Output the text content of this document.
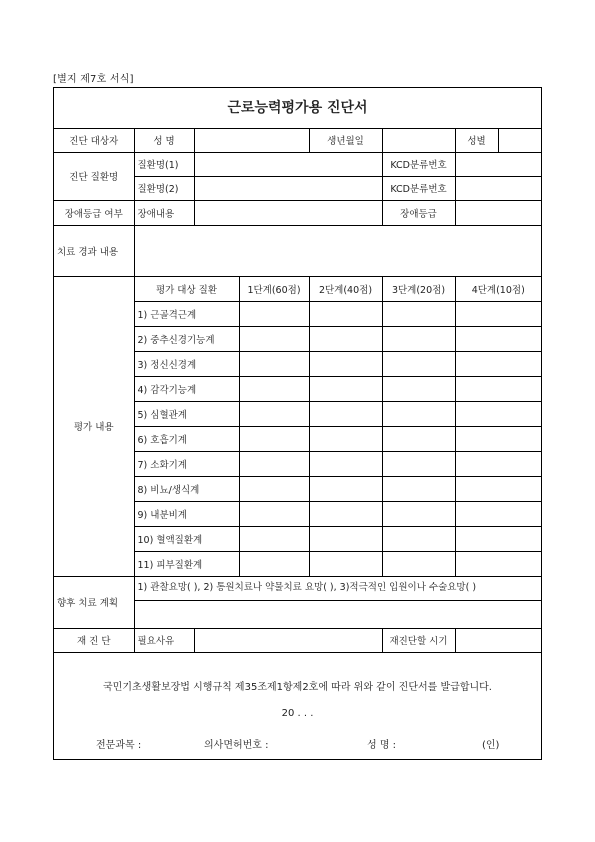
[별지 제7호 서식]
근로능력평가용 진단서
진단 대상자	성 명			생년월일		성별	
진단 질환명	질환명(1)				KCD분류번호		
	질환명(2)				KCD분류번호		
장애등급 여부	장애내용				장애등급		
치료 경과 내용							
평가 내용	평가 대상 질환		1단계(60점)	2단계(40점)	3단계(20점)	4단계(10점)	
	1) 근골격근계						
	2) 중추신경기능계						
	3) 정신신경계						
	4) 감각기능계						
	5) 심혈관계						
	6) 호흡기계						
	7) 소화기계						
	8) 비뇨/생식계						
	9) 내분비계						
	10) 혈액질환계						
	11) 피부질환계						
향후 치료 계획	1) 관찰요망( ), 2) 통원치료나 약물치료 요망( ), 3)적극적인 입원이나 수술요망( )						

재 진 단	필요사유				재진단할 시기		
국민기초생활보장법 시행규칙 제35조제1항제2호에 따라 위와 같이 진단서를 발급합니다.
20 . . .
전문과목 :	의사면허번호 :	성 명 :	(인)
